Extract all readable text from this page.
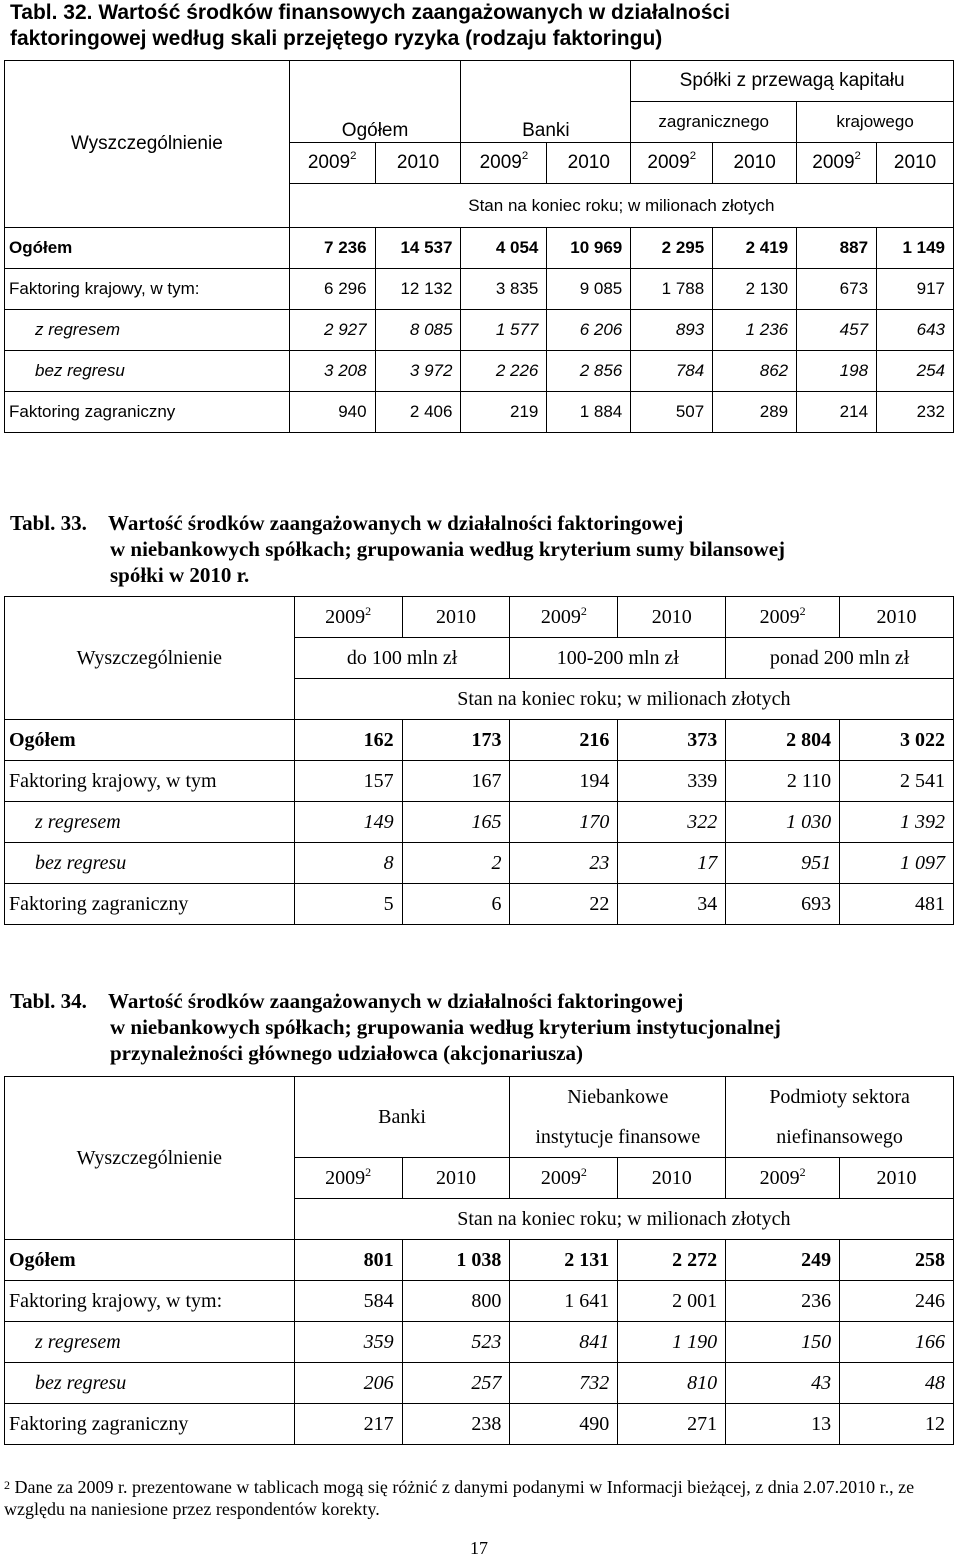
Tabl. 32. Wartość środków finansowych zaangażowanych w działalności
faktoringowej według skali przejętego ryzyka (rodzaju faktoringu)
Wyszczególnienie	Ogółem		Banki		Spółki z przewagą kapitału			
					zagranicznego		krajowego	
	2009$^2$	2010	2009$^2$	2010	2009$^2$	2010	2009$^2$	2010
	Stan na koniec roku; w milionach złotych							
Ogółem	7 236	14 537	4 054	10 969	2 295	2 419	887	1 149
Faktoring krajowy, w tym:	6 296	12 132	3 835	9 085	1 788	2 130	673	917
z regresem	2 927	8 085	1 577	6 206	893	1 236	457	643
bez regresu	3 208	3 972	2 226	2 856	784	862	198	254
Faktoring zagraniczny	940	2 406	219	1 884	507	289	214	232
Tabl. 33. Wartość środków zaangażowanych w działalności faktoringowej
w niebankowych spółkach; grupowania według kryterium sumy bilansowej
spółki w 2010 r.
Wyszczególnienie	2009$^2$	2010	2009$^2$	2010	2009$^2$	2010
	do 100 mln zł		100-200 mln zł		ponad 200 mln zł	
	Stan na koniec roku; w milionach złotych					
Ogółem	162	173	216	373	2 804	3 022
Faktoring krajowy, w tym	157	167	194	339	2 110	2 541
z regresem	149	165	170	322	1 030	1 392
bez regresu	8	2	23	17	951	1 097
Faktoring zagraniczny	5	6	22	34	693	481
Tabl. 34. Wartość środków zaangażowanych w działalności faktoringowej
w niebankowych spółkach; grupowania według kryterium instytucjonalnej
przynależności głównego udziałowca (akcjonariusza)
Wyszczególnienie	Banki		Niebankowe		Podmioty sektora	
			instytucje finansowe		niefinansowego	
	2009$^2$	2010	2009$^2$	2010	2009$^2$	2010
	Stan na koniec roku; w milionach złotych					
Ogółem	801	1 038	2 131	2 272	249	258
Faktoring krajowy, w tym:	584	800	1 641	2 001	236	246
z regresem	359	523	841	1 190	150	166
bez regresu	206	257	732	810	43	48
Faktoring zagraniczny	217	238	490	271	13	12
$^2$ Dane za 2009 r. prezentowane w tablicach mogą się różnić z danymi podanymi w Informacji bieżącej, z dnia 2.07.2010 r., ze względu na naniesione przez respondentów korekty.
17
